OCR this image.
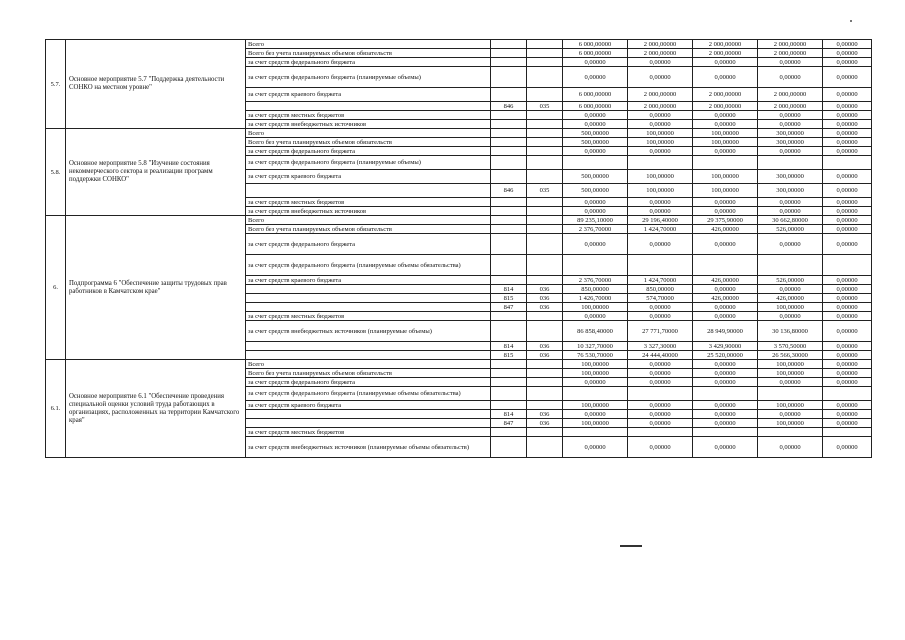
5.7.	Основное мероприятие 5.7 "Поддержка деятельности СОНКО на местном уровне"	Всего			6 000,00000	2 000,00000	2 000,00000	2 000,00000	0,00000
		Всего без учета планируемых объемов обязательств			6 000,00000	2 000,00000	2 000,00000	2 000,00000	0,00000
		за счет средств федерального бюджета			0,00000	0,00000	0,00000	0,00000	0,00000
		за счет средств федерального бюджета (планируемые объемы)			0,00000	0,00000	0,00000	0,00000	0,00000
		за счет средств краевого бюджета			6 000,00000	2 000,00000	2 000,00000	2 000,00000	0,00000
			846	035	6 000,00000	2 000,00000	2 000,00000	2 000,00000	0,00000
		за счет средств местных бюджетов			0,00000	0,00000	0,00000	0,00000	0,00000
		за счет средств внебюджетных источников			0,00000	0,00000	0,00000	0,00000	0,00000
5.8.	Основное мероприятие 5.8 "Изучение состояния некоммерческого сектора и реализации программ поддержки СОНКО"	Всего			500,00000	100,00000	100,00000	300,00000	0,00000
		Всего без учета планируемых объемов обязательств			500,00000	100,00000	100,00000	300,00000	0,00000
		за счет средств федерального бюджета			0,00000	0,00000	0,00000	0,00000	0,00000
		за счет средств федерального бюджета (планируемые объемы)							
		за счет средств краевого бюджета			500,00000	100,00000	100,00000	300,00000	0,00000
			846	035	500,00000	100,00000	100,00000	300,00000	0,00000
		за счет средств местных бюджетов			0,00000	0,00000	0,00000	0,00000	0,00000
		за счет средств внебюджетных источников			0,00000	0,00000	0,00000	0,00000	0,00000
6.	Подпрограмма 6 "Обеспечение защиты трудовых прав работников в Камчатском крае"	Всего			89 235,10000	29 196,40000	29 375,90000	30 662,80000	0,00000
		Всего без учета планируемых объемов обязательств			2 376,70000	1 424,70000	426,00000	526,00000	0,00000
		за счет средств федерального бюджета			0,00000	0,00000	0,00000	0,00000	0,00000
		за счет средств федерального бюджета (планируемые объемы обязательства)							
		за счет средств краевого бюджета			2 376,70000	1 424,70000	426,00000	526,00000	0,00000
			814	036	850,00000	850,00000	0,00000	0,00000	0,00000
			815	036	1 426,70000	574,70000	426,00000	426,00000	0,00000
			847	036	100,00000	0,00000	0,00000	100,00000	0,00000
		за счет средств местных бюджетов			0,00000	0,00000	0,00000	0,00000	0,00000
		за счет средств внебюджетных источников (планируемые объемы)			86 858,40000	27 771,70000	28 949,90000	30 136,80000	0,00000
			814	036	10 327,70000	3 327,30000	3 429,90000	3 570,50000	0,00000
			815	036	76 530,70000	24 444,40000	25 520,00000	26 566,30000	0,00000
6.1.	Основное мероприятие 6.1 "Обеспечение проведения специальной оценки условий труда работающих в организациях, расположенных на территории Камчатского края"	Всего			100,00000	0,00000	0,00000	100,00000	0,00000
		Всего без учета планируемых объемов обязательств			100,00000	0,00000	0,00000	100,00000	0,00000
		за счет средств федерального бюджета			0,00000	0,00000	0,00000	0,00000	0,00000
		за счет средств федерального бюджета (планируемые объемы обязательства)							
		за счет средств краевого бюджета			100,00000	0,00000	0,00000	100,00000	0,00000
			814	036	0,00000	0,00000	0,00000	0,00000	0,00000
			847	036	100,00000	0,00000	0,00000	100,00000	0,00000
		за счет средств местных бюджетов							
		за счет средств внебюджетных источников (планируемые объемы обязательств)			0,00000	0,00000	0,00000	0,00000	0,00000
